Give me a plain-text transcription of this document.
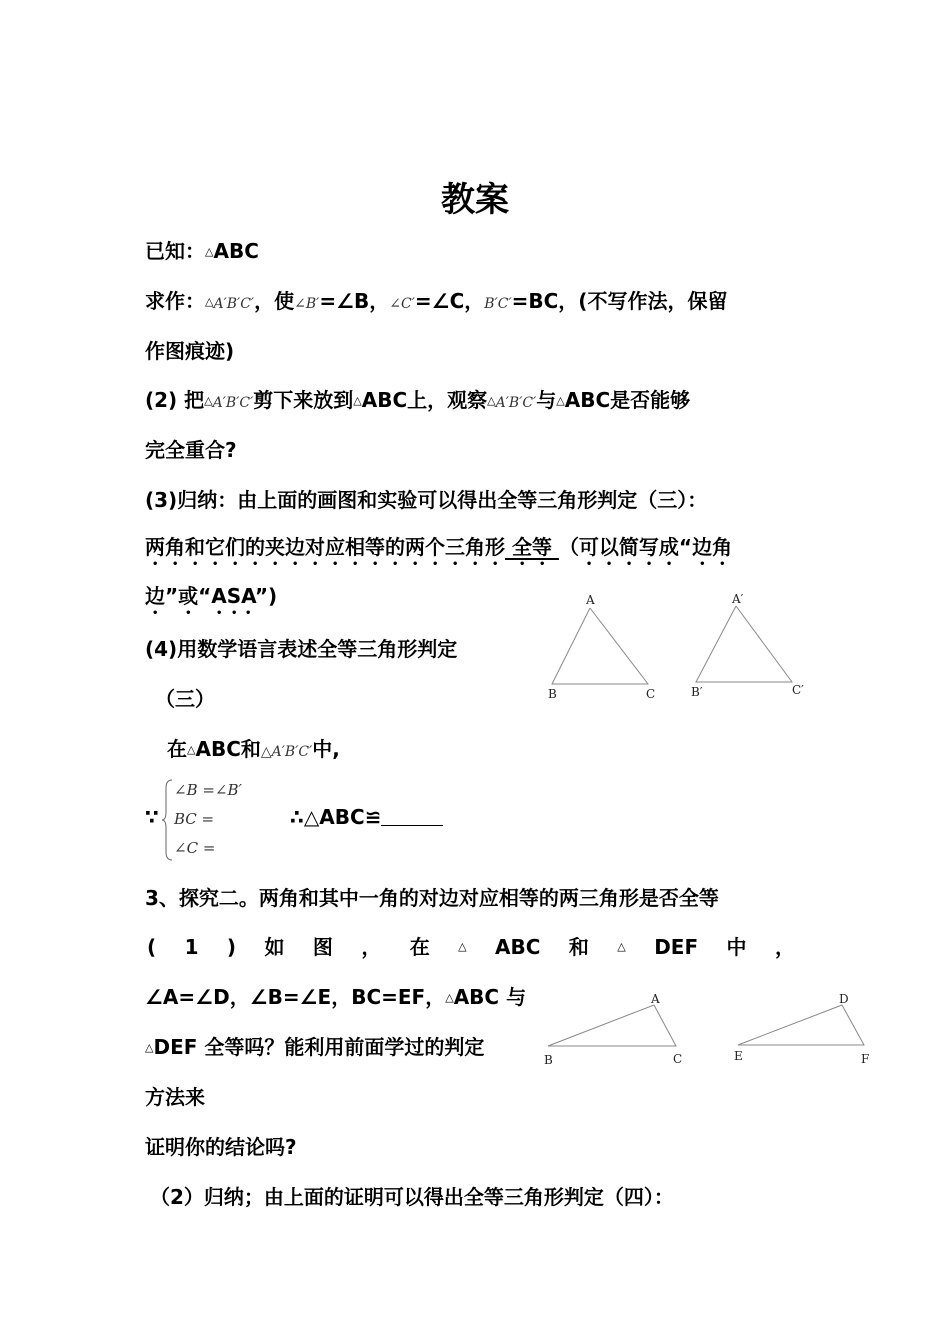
教案
已知：△ABC
求作：△A′B′C′，使∠B′=∠B，∠C′=∠C，B′C′=BC，(不写作法，保留
作图痕迹)
(2) 把△A′B′C′剪下来放到△ABC上，观察△A′B′C′与△ABC是否能够
完全重合?
(3)归纳：由上面的画图和实验可以得出全等三角形判定（三）：
两角和它们的夹边对应相等的两个三角形 全等 （可以简写成“边角
边”或“ASA”)
(4)用数学语言表述全等三角形判定
（三）
A
B	C
A′
B′	C′
在△ABC和△A′B′C′中,
∵
∠B =∠B′
BC =
∠C =
∴△ABC≌
3、探究二。两角和其中一角的对边对应相等的两三角形是否全等
( 1 ) 如 图 ， 在	△ ABC 和	△ DEF 中 ，
∠A=∠D，∠B=∠E，BC=EF，△ABC 与
△DEF 全等吗？能利用前面学过的判定
方法来
证明你的结论吗?
A
B	C
D
E	F
（2）归纳；由上面的证明可以得出全等三角形判定（四）：
